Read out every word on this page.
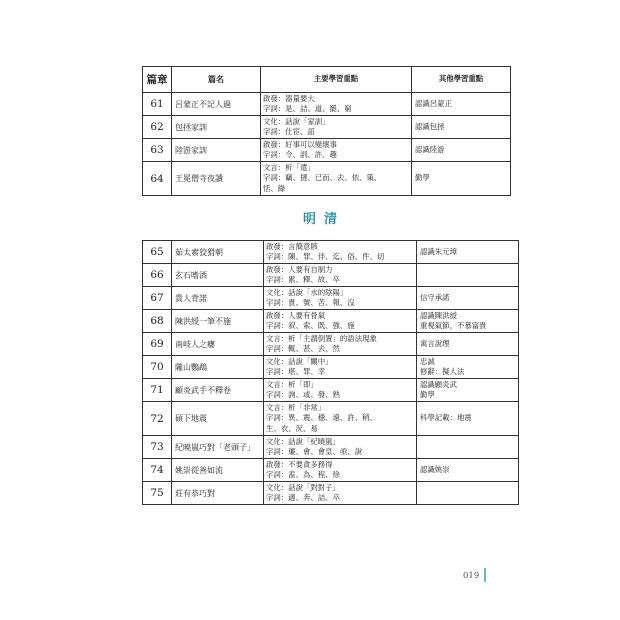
篇章	篇名	主要學習重點	其他學習重點
61	呂蒙正不記人過	啟發：器量要大
字詞：是、詰、道、罷、窮	認識呂蒙正

62	包拯家訓	文化：話說「家訓」
字詞：仕宦、詔	認識包拯

63	陸游家訓	啟發：好事可以變壞事
字詞：令、訓、許、趣	認識陸游

64	王冕僧寺夜讀	文言：析「遣」
字詞：竊、撻、已而、去、依、策、
恬、綠	勤學
明清
65	茹太素狡猾朝	啟發：言簡意賅
字詞：陳、罪、伴、迄、俗、件、切	認識朱元璋

66	玄石嗜酒	啟發：人要有自制力
字詞：累、釋、故、卒	

67	貴人背諾	文化：話說「水的陰陽」
字詞：貴、號、苦、報、沒	信守承諾

68	陳洪綬一筆不施	啟發：人要有骨氣
字詞：叙、索、既、強、施	認識陳洪綬
重視氣節，不慕富貴

69	南岐人之癭	文言：析「主謂倒置」的語法現象
字詞：輒、甚、去、然	寓言說理

70	隴山鸚鵡	文化：話說「關中」
字詞：堪、罪、幸	忠誠
修辭：擬人法

71	顧炎武手不釋卷	文言：析「即」
字詞：詢、或、發、熟	認識顧炎武
勤學

72	碩下地震	文言：析「非常」
字詞：異、震、穩、遠、許、稍、
生、衣、況、易	科學記載：地震

73	紀曉嵐巧對「老頭子」	文化：話說「紀曉嵐」
字詞：廉、會、會皇、亟、說	

74	姚崇從善如流	啟發：不要貪多務得
字詞：盍、為、程、徐	認識姚崇

75	莊有恭巧對	文化：話說「對對子」
字詞：適、奔、詰、卒	

019
